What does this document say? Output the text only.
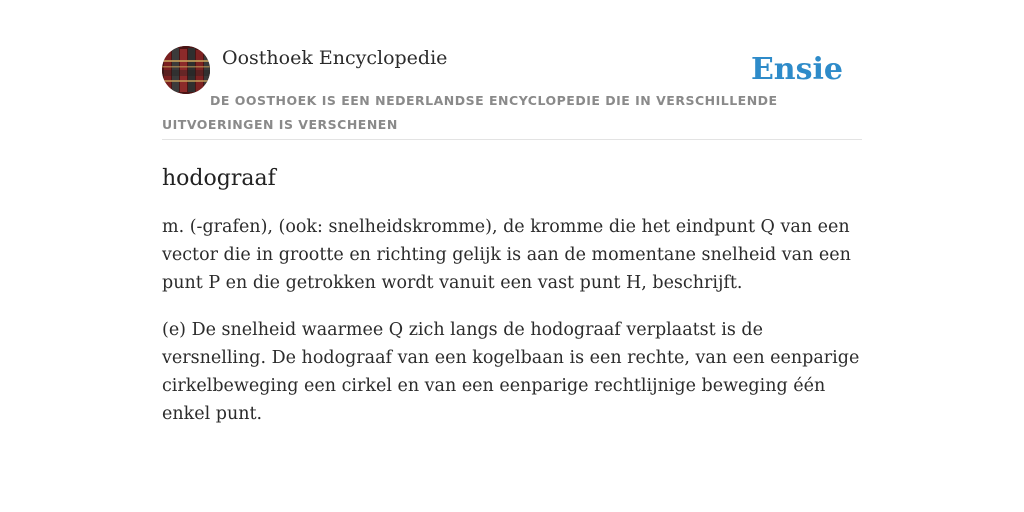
Oosthoek Encyclopedie	Ensie
DE OOSTHOEK IS EEN NEDERLANDSE ENCYCLOPEDIE DIE IN VERSCHILLENDE UITVOERINGEN IS VERSCHENEN
hodograaf

m. (-grafen), (ook: snelheidskromme), de kromme die het eindpunt Q van een vector die in grootte en richting gelijk is aan de momentane snelheid van een punt P en die getrokken wordt vanuit een vast punt H, beschrijft.

(e) De snelheid waarmee Q zich langs de hodograaf verplaatst is de versnelling. De hodograaf van een kogelbaan is een rechte, van een eenparige cirkelbeweging een cirkel en van een eenparige rechtlijnige beweging één enkel punt.
